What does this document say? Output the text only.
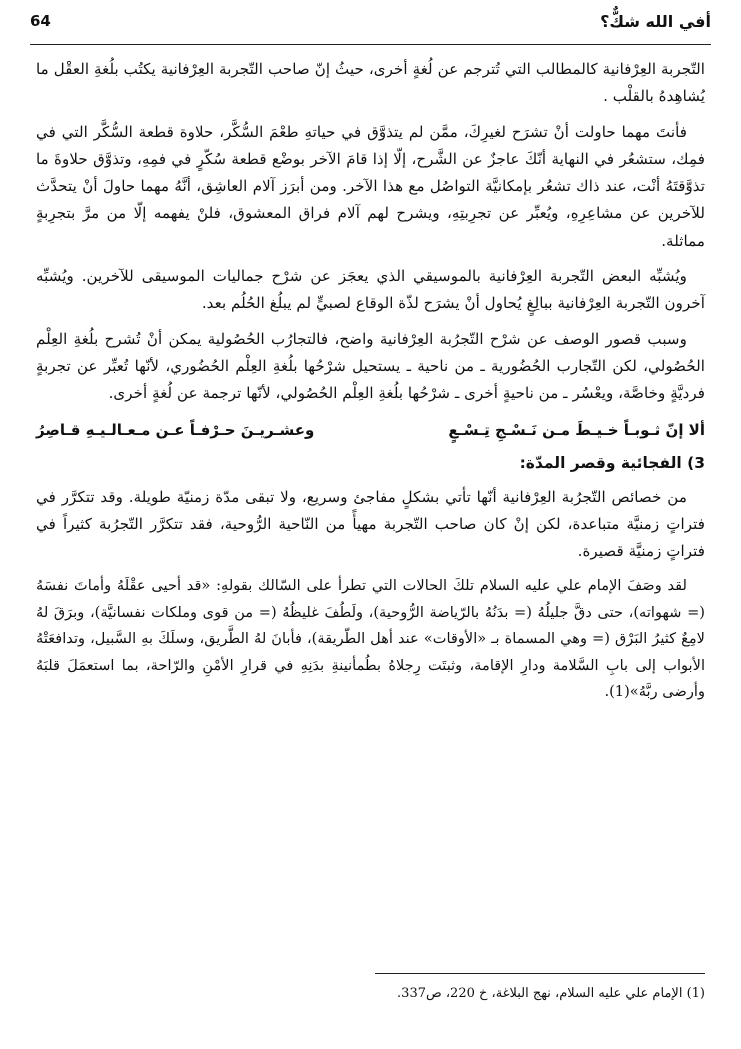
أفي الله شكٌّ؟
64

التّجربة العِرْفانية كالمطالب التي تُترجم عن لُغةٍ أخرى، حيثُ إنّ صاحب التّجربة العِرْفانية يكتُب بلُغةِ العقْل ما يُشاهِدهُ بالقلْب .

فأنتَ مهما حاولت أنْ تشرَح لغيرِكَ، ممَّن لم يتذوَّق في حياتهِ طعْمَ السُّكَّر، حلاوة قطعة السُّكَّر التي في فمِك، ستشعُر في النهاية أنّكَ عاجزٌ عن الشَّرح، إلّا إذا قامَ الآخر بوضْع قطعة سُكّرٍ في فمِهِ، وتذوَّق حلاوةَ ما تذوَّقتَهُ أنْت، عند ذاك تشعُر بإمكانيَّة التواصُل مع هذا الآخر. ومن أبرَز آلام العاشِق، أنَّهُ مهما حاولَ أنْ يتحدَّث للآخرين عن مشاعِرِهِ، ويُعبِّر عن تجرِبتِهِ، ويشرح لهم آلام فراق المعشوق، فلنْ يفهمه إلّا من مرَّ بتجرِبةٍ مماثلة.

ويُشبِّه البعض التّجربة العِرْفانية بالموسيقي الذي يعجَز عن شرْح جماليات الموسيقى للآخرين. ويُشبِّه آخرون التّجربة العِرْفانية ببالِغٍ يُحاول أنْ يشرَح لذّة الوقاع لصبيٍّ لم يبلُغ الحُلُم بعد.

وسبب قصور الوصف عن شرْح التّجرُبة العِرْفانية واضح، فالتجارُب الحُصُولية يمكن أنْ تُشرح بلُغةِ العِلْم الحُصُولي، لكن التّجارب الحُضُورية ـ من ناحية ـ يستحيل شرْحُها بلُغةِ العِلْم الحُضُوري، لأنّها تُعبِّر عن تجربةٍ فرديَّةٍ وخاصَّة، ويعْسُر ـ من ناحيةٍ أخرى ـ شرْحُها بلُغةِ العِلْم الحُصُولي، لأنّها ترجمة عن لُغةٍ أخرى.

ألا إنّ ثـوبـاً خـيـطَ مـن نَـسْـجِ تِـسْـعٍ
وعشـريـنَ حـرْفـاً عـن مـعـالـيـهِ قـاصِرُ
3) الفجائية وقصر المدّة:

من خصائص التّجرُبة العِرْفانية أنّها تأتي بشكلٍ مفاجئ وسريع، ولا تبقى مدّة زمنيّة طويلة. وقد تتكرَّر في فتراتٍ زمنيَّة متباعدة، لكن إنْ كان صاحب التّجربة مهيأً من النّاحية الرُّوحية، فقد تتكرَّر التّجرُبة كثيراً في فتراتٍ زمنيَّة قصيرة.

لقد وصَفَ الإمام علي عليه السلام تلكَ الحالات التي تطرأ على السّالك بقولهِ: «قد أحيى عقْلَهُ وأماتَ نفسَهُ (= شهواته)، حتى دقَّ جليلُهُ (= بدَنُهُ بالرّياضة الرُّوحية)، ولَطُفَ غليظُهُ (= من قوى وملكات نفسانيَّة)، وبرَقَ لهُ لامِعٌ كثيرُ البَرْق (= وهي المسماة بـ «الأوقات» عند أهل الطّريقة)، فأبانَ لهُ الطَّريق، وسلَكَ بهِ السَّبيل، وتدافعَتْهُ الأبواب إلى بابِ السَّلامة ودارِ الإقامة، وثبتَت رِجلاهُ بطُمأنينةِ بدَنِهِ في قرارِ الأمْنِ والرّاحة، بما استعمَلَ قلبَهُ وأرضى ربَّهُ»(1).

(1) الإمام علي عليه السلام، نهج البلاغة، خ 220، ص337.
